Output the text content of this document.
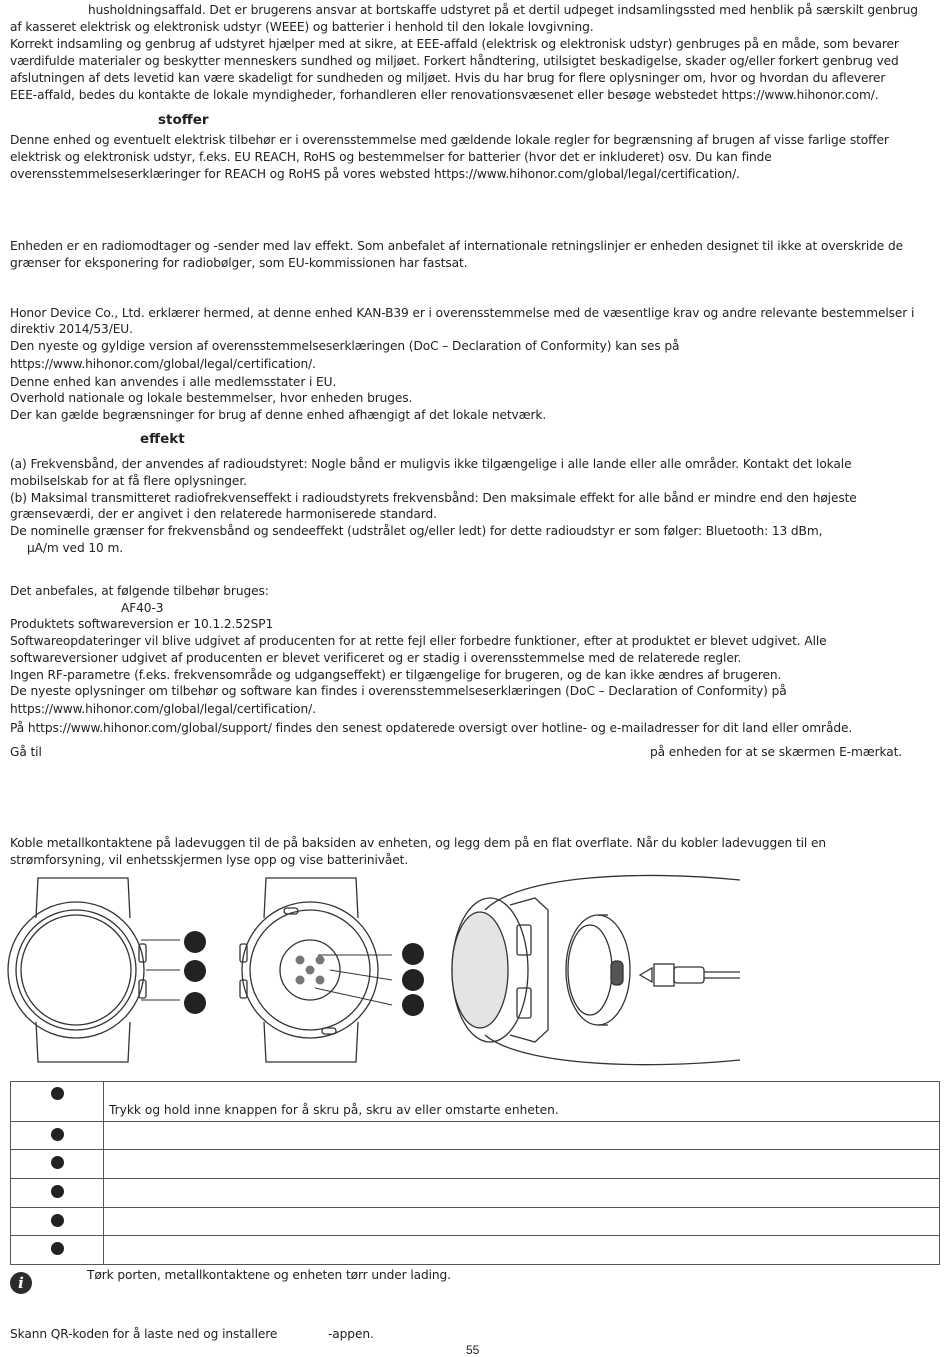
husholdningsaffald. Det er brugerens ansvar at bortskaffe udstyret på et dertil udpeget indsamlingssted med henblik på særskilt genbrug
af kasseret elektrisk og elektronisk udstyr (WEEE) og batterier i henhold til den lokale lovgivning.
Korrekt indsamling og genbrug af udstyret hjælper med at sikre, at EEE-affald (elektrisk og elektronisk udstyr) genbruges på en måde, som bevarer
værdifulde materialer og beskytter menneskers sundhed og miljøet. Forkert håndtering, utilsigtet beskadigelse, skader og/eller forkert genbrug ved
afslutningen af dets levetid kan være skadeligt for sundheden og miljøet. Hvis du har brug for flere oplysninger om, hvor og hvordan du afleverer
EEE-affald, bedes du kontakte de lokale myndigheder, forhandleren eller renovationsvæsenet eller besøge webstedet https://www.hihonor.com/.
stoffer
Denne enhed og eventuelt elektrisk tilbehør er i overensstemmelse med gældende lokale regler for begrænsning af brugen af visse farlige stoffer
elektrisk og elektronisk udstyr, f.eks. EU REACH, RoHS og bestemmelser for batterier (hvor det er inkluderet) osv. Du kan finde
overensstemmelseserklæringer for REACH og RoHS på vores websted https://www.hihonor.com/global/legal/certification/.
Enheden er en radiomodtager og -sender med lav effekt. Som anbefalet af internationale retningslinjer er enheden designet til ikke at overskride de
grænser for eksponering for radiobølger, som EU-kommissionen har fastsat.
Honor Device Co., Ltd. erklærer hermed, at denne enhed KAN-B39 er i overensstemmelse med de væsentlige krav og andre relevante bestemmelser i
direktiv 2014/53/EU.
Den nyeste og gyldige version af overensstemmelseserklæringen (DoC – Declaration of Conformity) kan ses på
https://www.hihonor.com/global/legal/certification/.
Denne enhed kan anvendes i alle medlemsstater i EU.
Overhold nationale og lokale bestemmelser, hvor enheden bruges.
Der kan gælde begrænsninger for brug af denne enhed afhængigt af det lokale netværk.
effekt
(a) Frekvensbånd, der anvendes af radioudstyret: Nogle bånd er muligvis ikke tilgængelige i alle lande eller alle områder. Kontakt det lokale
mobilselskab for at få flere oplysninger.
(b) Maksimal transmitteret radiofrekvenseffekt i radioudstyrets frekvensbånd: Den maksimale effekt for alle bånd er mindre end den højeste
grænseværdi, der er angivet i den relaterede harmoniserede standard.
De nominelle grænser for frekvensbånd og sendeeffekt (udstrålet og/eller ledt) for dette radioudstyr er som følger: Bluetooth: 13 dBm,
μA/m ved 10 m.
Det anbefales, at følgende tilbehør bruges:
AF40-3
Produktets softwareversion er 10.1.2.52SP1
Softwareopdateringer vil blive udgivet af producenten for at rette fejl eller forbedre funktioner, efter at produktet er blevet udgivet. Alle
softwareversioner udgivet af producenten er blevet verificeret og er stadig i overensstemmelse med de relaterede regler.
Ingen RF-parametre (f.eks. frekvensområde og udgangseffekt) er tilgængelige for brugeren, og de kan ikke ændres af brugeren.
De nyeste oplysninger om tilbehør og software kan findes i overensstemmelseserklæringen (DoC – Declaration of Conformity) på
https://www.hihonor.com/global/legal/certification/.
På https://www.hihonor.com/global/support/ findes den senest opdaterede oversigt over hotline- og e-mailadresser for dit land eller område.
Gå til	på enheden for at se skærmen E-mærkat.
Koble metallkontaktene på ladevuggen til de på baksiden av enheten, og legg dem på en flat overflate. Når du kobler ladevuggen til en
strømforsyning, vil enhetsskjermen lyse opp og vise batterinivået.
	Trykk og hold inne knappen for å skru på, skru av eller omstarte enheten.

i	Tørk porten, metallkontaktene og enheten tørr under lading.
Skann QR-koden for å laste ned og installere	-appen.
55
